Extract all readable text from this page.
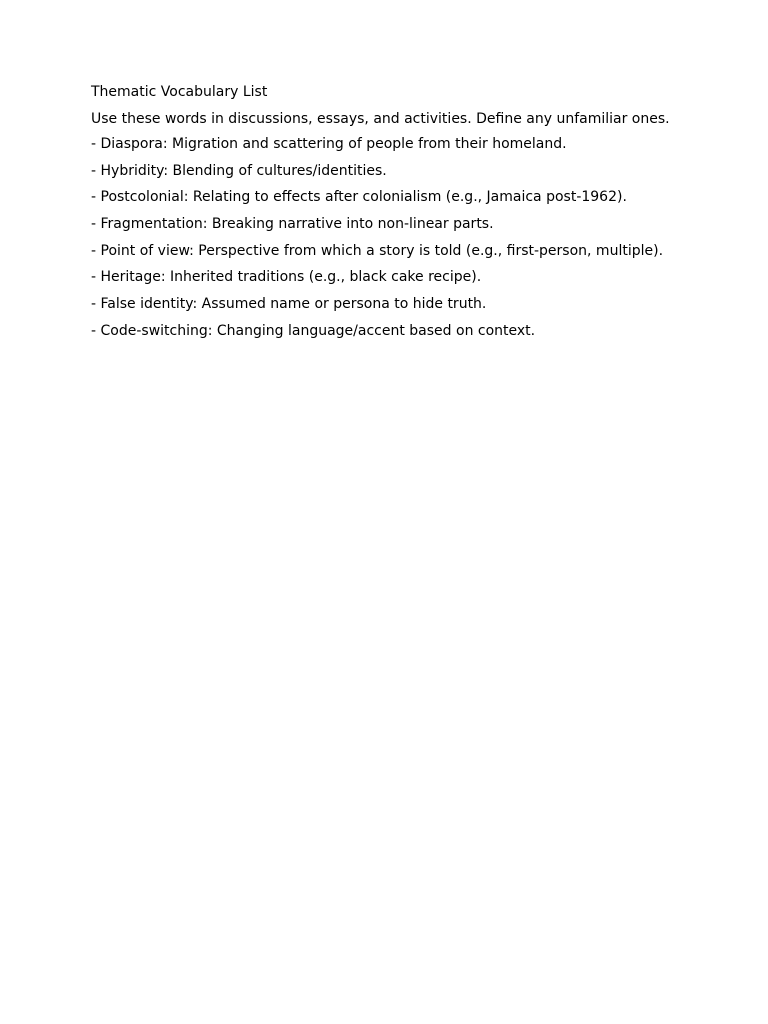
Thematic Vocabulary List

Use these words in discussions, essays, and activities. Define any unfamiliar ones.

- Diaspora: Migration and scattering of people from their homeland.
- Hybridity: Blending of cultures/identities.
- Postcolonial: Relating to effects after colonialism (e.g., Jamaica post-1962).
- Fragmentation: Breaking narrative into non-linear parts.
- Point of view: Perspective from which a story is told (e.g., first-person, multiple).
- Heritage: Inherited traditions (e.g., black cake recipe).
- False identity: Assumed name or persona to hide truth.
- Code-switching: Changing language/accent based on context.
